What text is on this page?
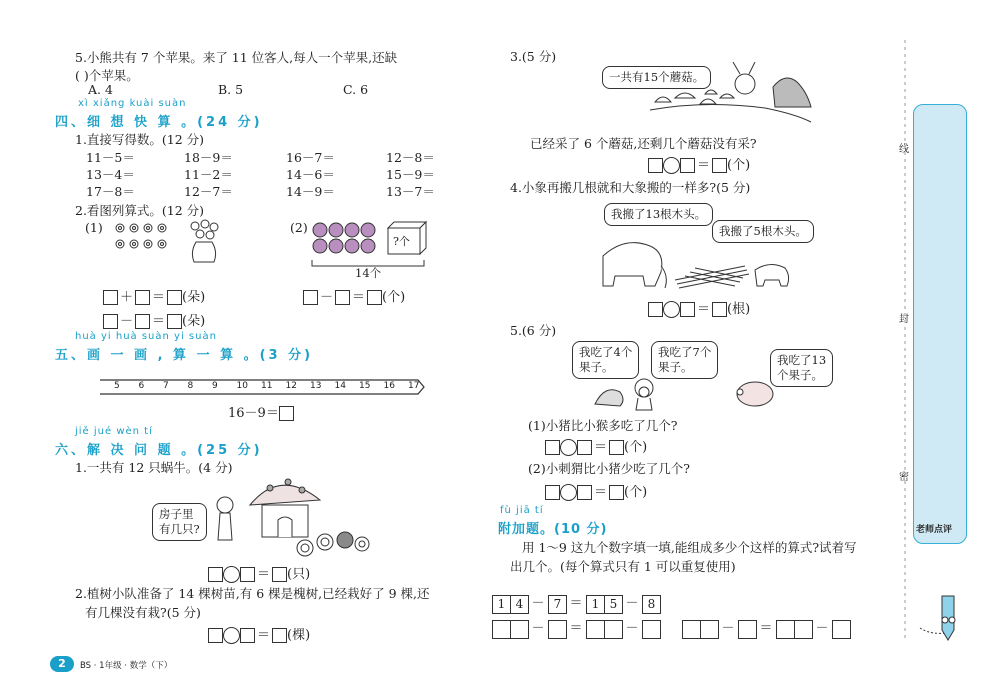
5.小熊共有 7 个苹果。来了 11 位客人,每人一个苹果,还缺
( )个苹果。
A. 4	B. 5	C. 6
xì xiǎng kuài suàn
四、细 想 快 算 。(24 分)
1.直接写得数。(12 分)
11－5＝	18－9＝	16－7＝	12－8＝
13－4＝	11－2＝	14－6＝	15－9＝
17－8＝	12－7＝	14－9＝	13－7＝
2.看图列算式。(12 分)
(1)	(2)
?个
14个
＋ ＝ (朵)	－ ＝ (个)
－ ＝ (朵)
huà yi huà suàn yi suàn
五、画 一 画 , 算 一 算 。(3 分)
5 6 7 8 9 10 11 12 13 14 15 16 17
16－9＝
jiě jué wèn tí
六、解 决 问 题 。(25 分)
1.一共有 12 只蜗牛。(4 分)
房子里
有几只?
＝ (只)
2.植树小队准备了 14 棵树苗,有 6 棵是槐树,已经栽好了 9 棵,还
有几棵没有栽?(5 分)
＝ (棵)
2	BS · 1年级 · 数学（下）
3.(5 分)
一共有15个蘑菇。
已经采了 6 个蘑菇,还剩几个蘑菇没有采?
＝ (个)
4.小象再搬几根就和大象搬的一样多?(5 分)
我搬了13根木头。
我搬了5根木头。
＝ (根)
5.(6 分)
我吃了4个
果子。
我吃了7个
果子。	我吃了13
个果子。
(1)小猪比小猴多吃了几个?
＝ (个)
(2)小刺猬比小猪少吃了几个?
＝ (个)
fù jiā tí
附加题。(10 分)
用 1～9 这九个数字填一填,能组成多少个这样的算式?试着写
出几个。(每个算式只有 1 可以重复使用)
1 4 － 7 ＝ 1 5 － 8
－ ＝	－	－ ＝	－
线
封
密
老师点评
